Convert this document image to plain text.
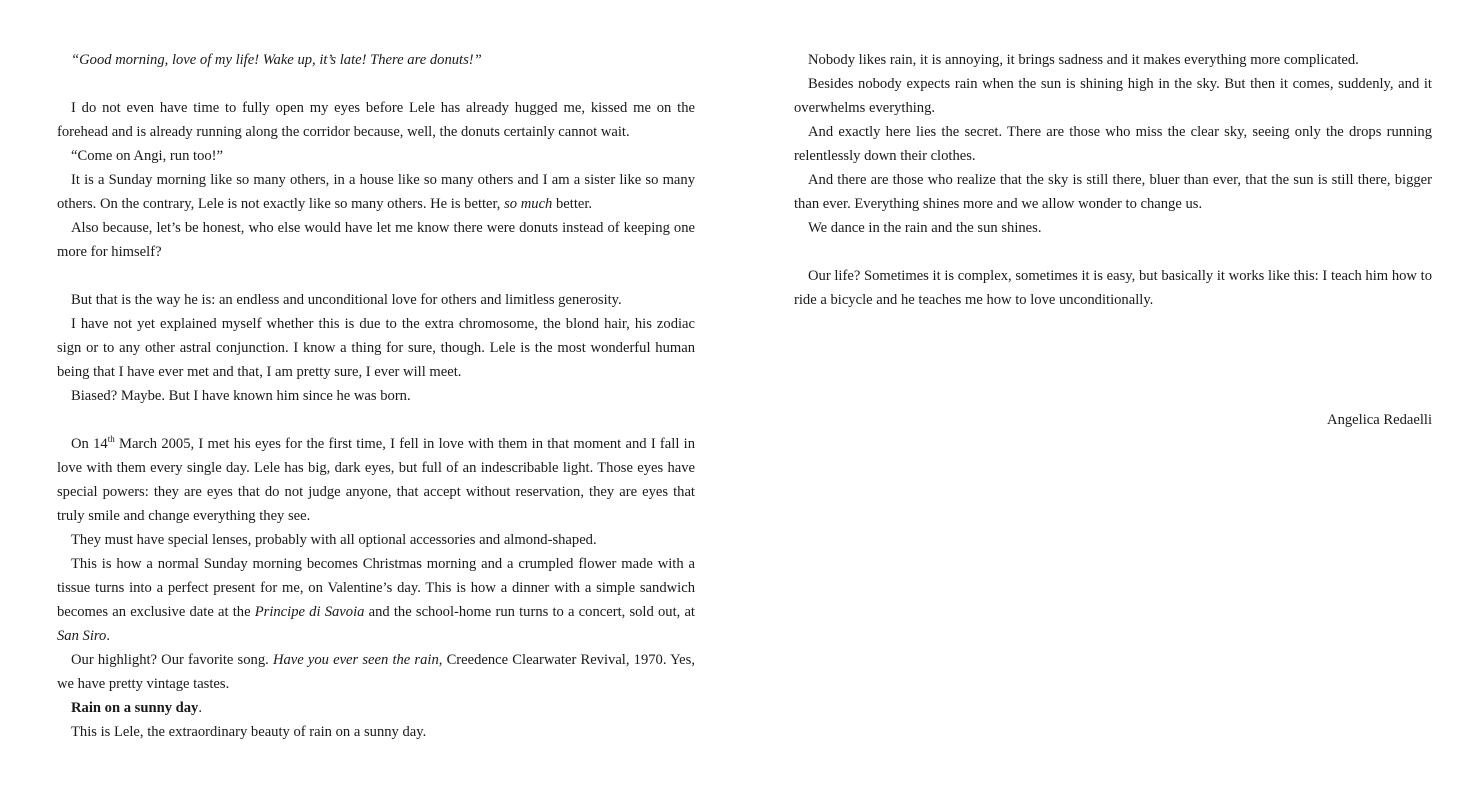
“Good morning, love of my life! Wake up, it’s late! There are donuts!”

I do not even have time to fully open my eyes before Lele has already hugged me, kissed me on the forehead and is already running along the corridor because, well, the donuts certainly cannot wait.

“Come on Angi, run too!”

It is a Sunday morning like so many others, in a house like so many others and I am a sister like so many others. On the contrary, Lele is not exactly like so many others. He is better, so much better.

Also because, let’s be honest, who else would have let me know there were donuts instead of keeping one more for himself?

But that is the way he is: an endless and unconditional love for others and limitless generosity.

I have not yet explained myself whether this is due to the extra chromosome, the blond hair, his zodiac sign or to any other astral conjunction. I know a thing for sure, though. Lele is the most wonderful human being that I have ever met and that, I am pretty sure, I ever will meet.

Biased? Maybe. But I have known him since he was born.

On 14th March 2005, I met his eyes for the first time, I fell in love with them in that moment and I fall in love with them every single day. Lele has big, dark eyes, but full of an indescribable light. Those eyes have special powers: they are eyes that do not judge anyone, that accept without reservation, they are eyes that truly smile and change everything they see.

They must have special lenses, probably with all optional accessories and almond-shaped.

This is how a normal Sunday morning becomes Christmas morning and a crumpled flower made with a tissue turns into a perfect present for me, on Valentine’s day. This is how a dinner with a simple sandwich becomes an exclusive date at the Principe di Savoia and the school-home run turns to a concert, sold out, at San Siro.

Our highlight? Our favorite song. Have you ever seen the rain, Creedence Clearwater Revival, 1970. Yes, we have pretty vintage tastes.

Rain on a sunny day.

This is Lele, the extraordinary beauty of rain on a sunny day.

Nobody likes rain, it is annoying, it brings sadness and it makes everything more complicated.

Besides nobody expects rain when the sun is shining high in the sky. But then it comes, suddenly, and it overwhelms everything.

And exactly here lies the secret. There are those who miss the clear sky, seeing only the drops running relentlessly down their clothes.

And there are those who realize that the sky is still there, bluer than ever, that the sun is still there, bigger than ever. Everything shines more and we allow wonder to change us.

We dance in the rain and the sun shines.

Our life? Sometimes it is complex, sometimes it is easy, but basically it works like this: I teach him how to ride a bicycle and he teaches me how to love unconditionally.

Angelica Redaelli
